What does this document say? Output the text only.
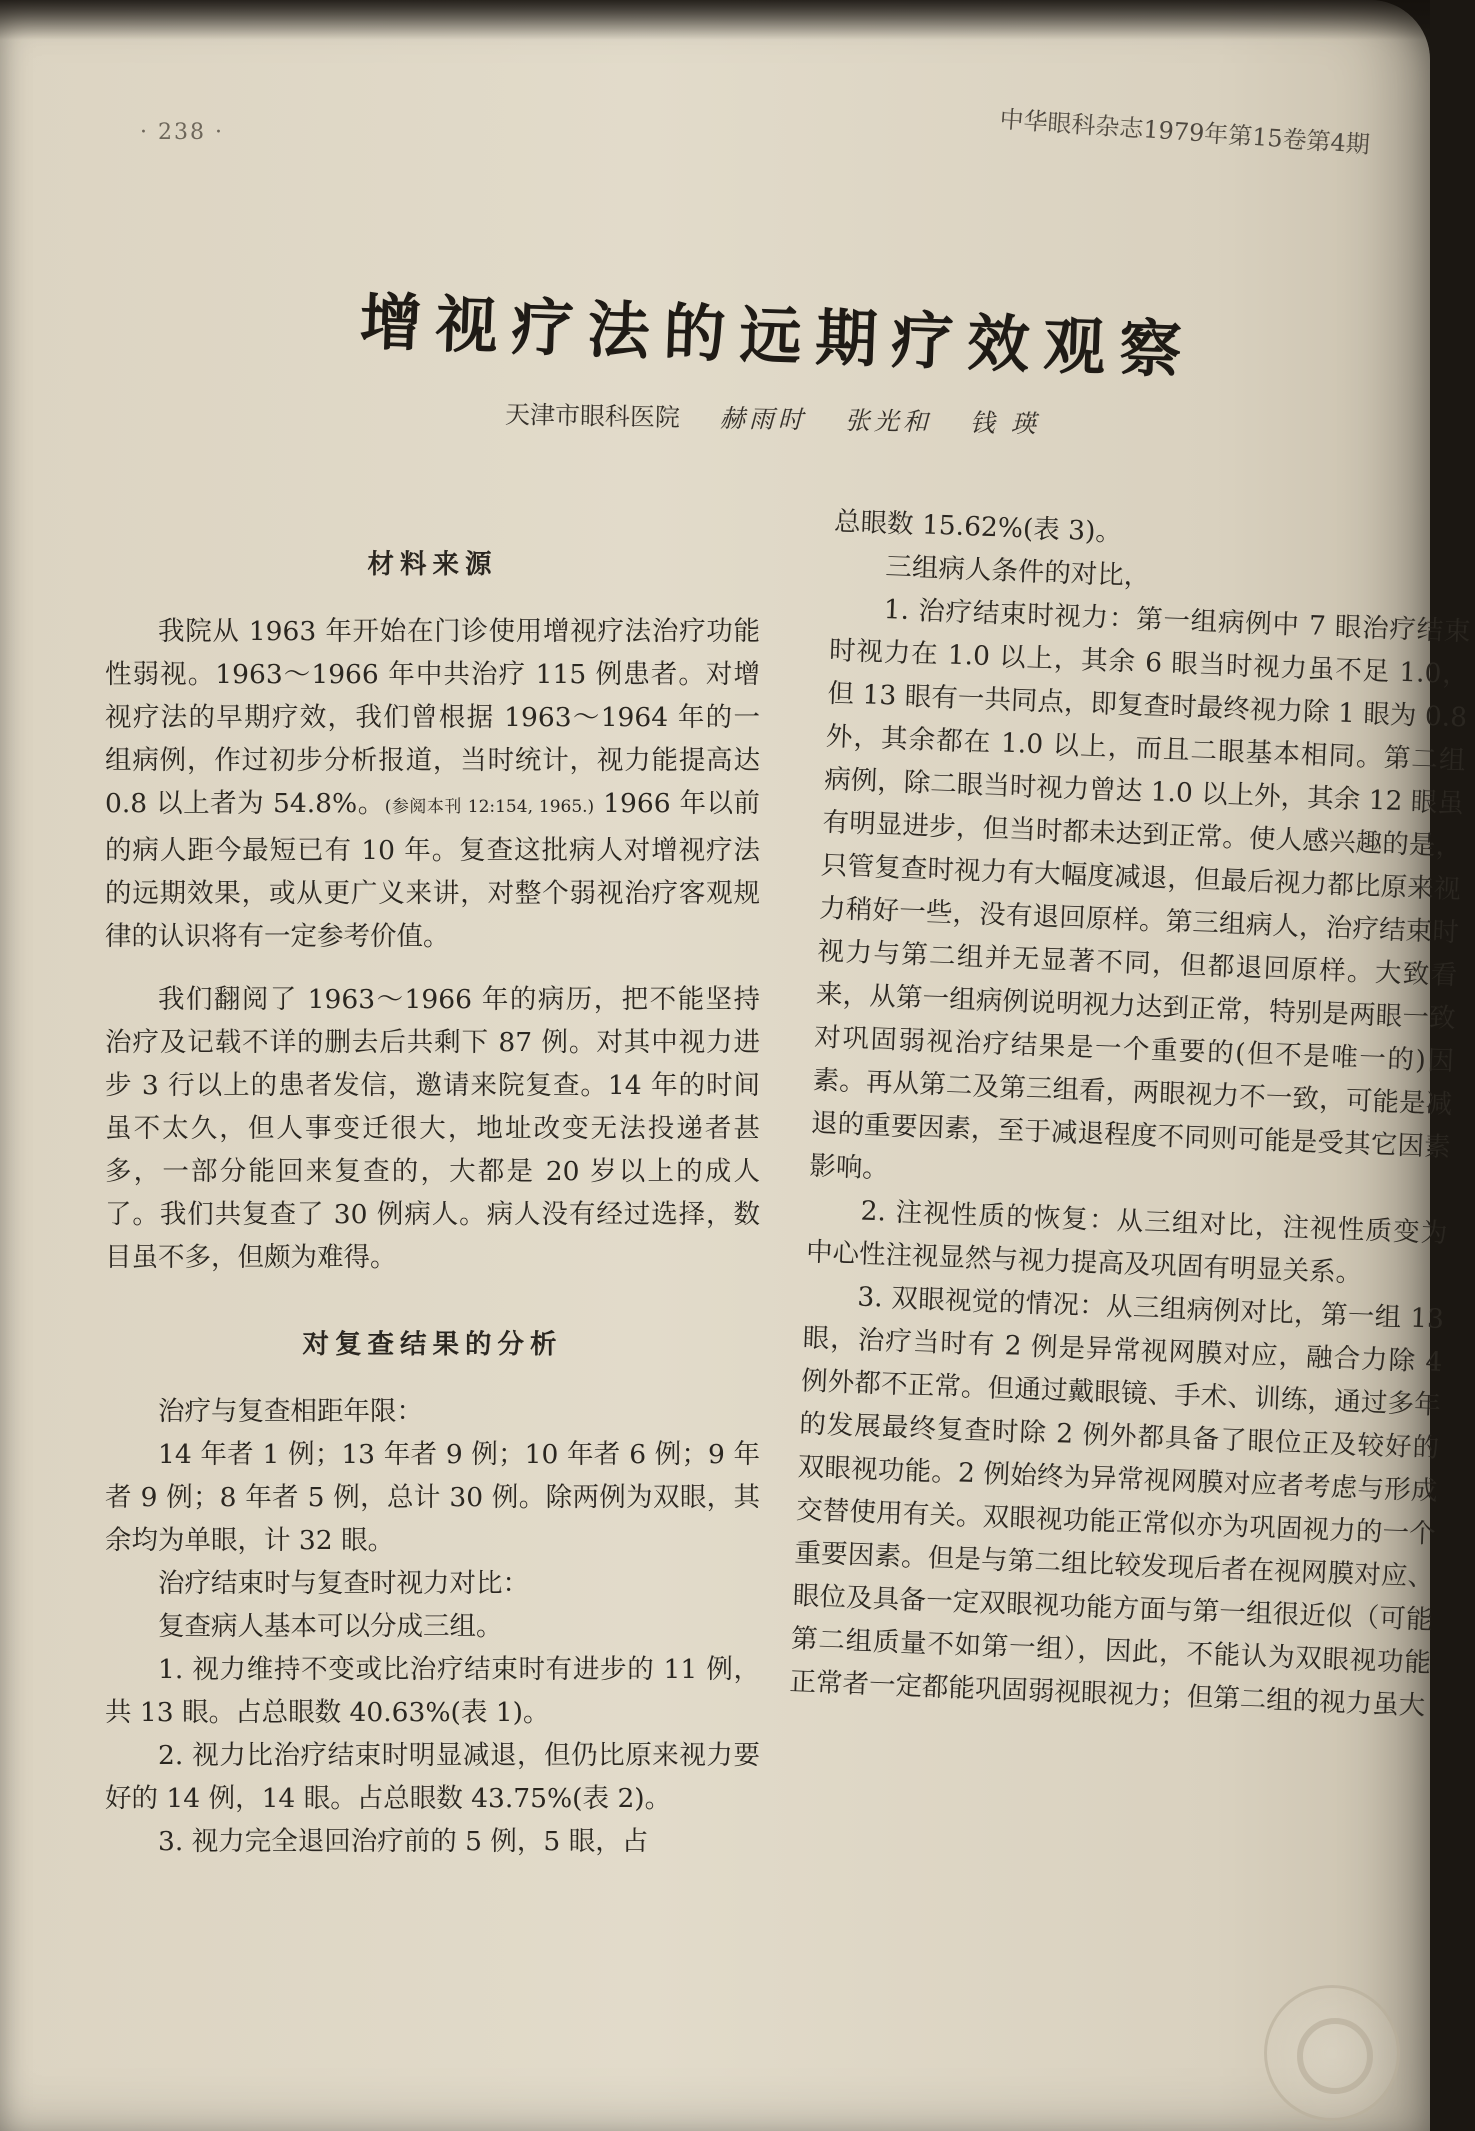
· 238 ·	中华眼科杂志1979年第15卷第4期
增视疗法的远期疗效观察
天津市眼科医院 赫雨时 张光和 钱 瑛

材料来源

我院从 1963 年开始在门诊使用增视疗法治疗功能性弱视。1963～1966 年中共治疗 115 例患者。对增视疗法的早期疗效，我们曾根据 1963～1964 年的一组病例，作过初步分析报道，当时统计，视力能提高达 0.8 以上者为 54.8%。(参阅本刊 12:154, 1965.) 1966 年以前的病人距今最短已有 10 年。复查这批病人对增视疗法的远期效果，或从更广义来讲，对整个弱视治疗客观规律的认识将有一定参考价值。

我们翻阅了 1963～1966 年的病历，把不能坚持治疗及记载不详的删去后共剩下 87 例。对其中视力进步 3 行以上的患者发信，邀请来院复查。14 年的时间虽不太久，但人事变迁很大，地址改变无法投递者甚多，一部分能回来复查的，大都是 20 岁以上的成人了。我们共复查了 30 例病人。病人没有经过选择，数目虽不多，但颇为难得。

对复查结果的分析

治疗与复查相距年限：

14 年者 1 例；13 年者 9 例；10 年者 6 例；9 年者 9 例；8 年者 5 例，总计 30 例。除两例为双眼，其余均为单眼，计 32 眼。

治疗结束时与复查时视力对比：

复查病人基本可以分成三组。

1. 视力维持不变或比治疗结束时有进步的 11 例，共 13 眼。占总眼数 40.63%(表 1)。

2. 视力比治疗结束时明显减退，但仍比原来视力要好的 14 例，14 眼。占总眼数 43.75%(表 2)。

3. 视力完全退回治疗前的 5 例，5 眼，占

总眼数 15.62%(表 3)。

三组病人条件的对比，

1. 治疗结束时视力：第一组病例中 7 眼治疗结束时视力在 1.0 以上，其余 6 眼当时视力虽不足 1.0，但 13 眼有一共同点，即复查时最终视力除 1 眼为 0.8 外，其余都在 1.0 以上，而且二眼基本相同。第二组病例，除二眼当时视力曾达 1.0 以上外，其余 12 眼虽有明显进步，但当时都未达到正常。使人感兴趣的是，只管复查时视力有大幅度减退，但最后视力都比原来视力稍好一些，没有退回原样。第三组病人，治疗结束时视力与第二组并无显著不同，但都退回原样。大致看来，从第一组病例说明视力达到正常，特别是两眼一致对巩固弱视治疗结果是一个重要的(但不是唯一的)因素。再从第二及第三组看，两眼视力不一致，可能是减退的重要因素，至于减退程度不同则可能是受其它因素影响。

2. 注视性质的恢复：从三组对比，注视性质变为中心性注视显然与视力提高及巩固有明显关系。

3. 双眼视觉的情况：从三组病例对比，第一组 13 眼，治疗当时有 2 例是异常视网膜对应，融合力除 4 例外都不正常。但通过戴眼镜、手术、训练，通过多年的发展最终复查时除 2 例外都具备了眼位正及较好的双眼视功能。2 例始终为异常视网膜对应者考虑与形成交替使用有关。双眼视功能正常似亦为巩固视力的一个重要因素。但是与第二组比较发现后者在视网膜对应、眼位及具备一定双眼视功能方面与第一组很近似（可能第二组质量不如第一组），因此，不能认为双眼视功能正常者一定都能巩固弱视眼视力；但第二组的视力虽大
